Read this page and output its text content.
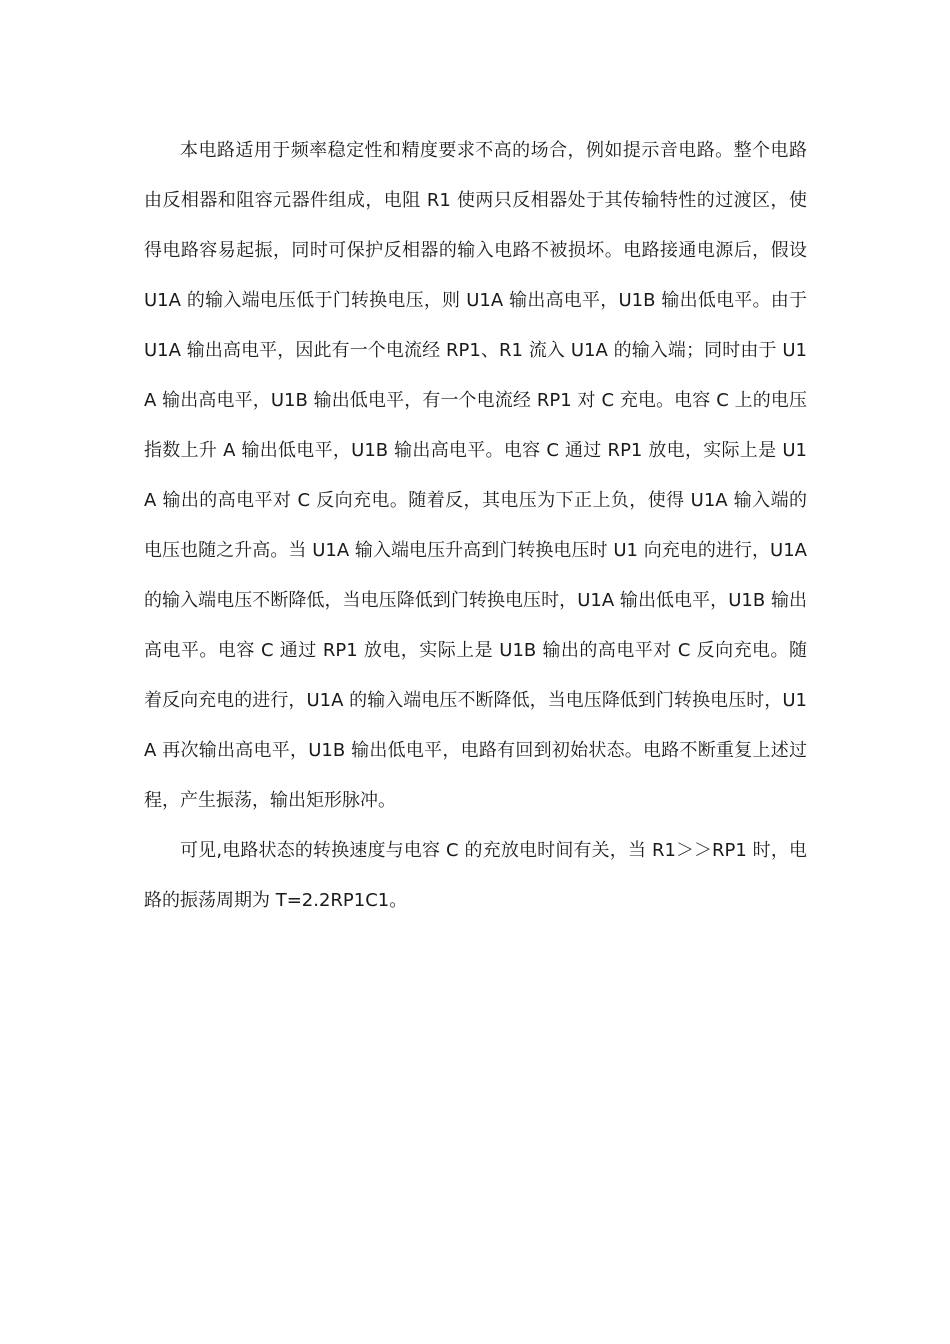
本电路适用于频率稳定性和精度要求不高的场合，例如提示音电路。整个电路由反相器和阻容元器件组成，电阻 R1 使两只反相器处于其传输特性的过渡区，使得电路容易起振，同时可保护反相器的输入电路不被损坏。电路接通电源后，假设 U1A 的输入端电压低于门转换电压，则 U1A 输出高电平，U1B 输出低电平。由于 U1A 输出高电平，因此有一个电流经 RP1、R1 流入 U1A 的输入端；同时由于 U1A 输出高电平，U1B 输出低电平，有一个电流经 RP1 对 C 充电。电容 C 上的电压指数上升 A 输出低电平，U1B 输出高电平。电容 C 通过 RP1 放电，实际上是 U1A 输出的高电平对 C 反向充电。随着反，其电压为下正上负，使得 U1A 输入端的电压也随之升高。当 U1A 输入端电压升高到门转换电压时 U1 向充电的进行，U1A 的输入端电压不断降低，当电压降低到门转换电压时，U1A 输出低电平，U1B 输出高电平。电容 C 通过 RP1 放电，实际上是 U1B 输出的高电平对 C 反向充电。随着反向充电的进行，U1A 的输入端电压不断降低，当电压降低到门转换电压时，U1A 再次输出高电平，U1B 输出低电平，电路有回到初始状态。电路不断重复上述过程，产生振荡，输出矩形脉冲。

可见,电路状态的转换速度与电容 C 的充放电时间有关，当 R1＞＞RP1 时，电路的振荡周期为 T=2.2RP1C1。
